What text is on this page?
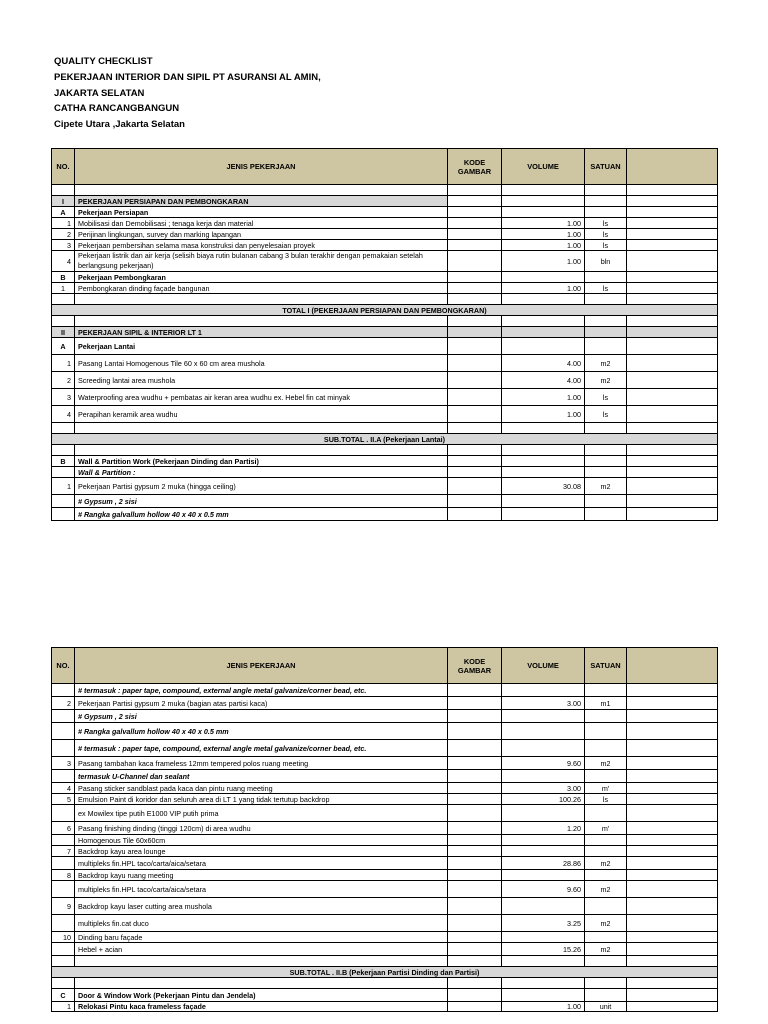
QUALITY CHECKLIST
PEKERJAAN INTERIOR DAN SIPIL PT ASURANSI AL AMIN,
JAKARTA SELATAN
CATHA RANCANGBANGUN
Cipete Utara ,Jakarta Selatan
NO.	JENIS PEKERJAAN	KODE GAMBAR	VOLUME	SATUAN	

I	PEKERJAAN PERSIAPAN DAN PEMBONGKARAN				
A	Pekerjaan Persiapan				
1	Mobilisasi dan Demobilisasi ; tenaga kerja dan material		1.00	ls	
2	Perijinan lingkungan, survey dan marking lapangan		1.00	ls	
3	Pekerjaan pembersihan selama masa konstruksi dan penyelesaian proyek		1.00	ls	
4	Pekerjaan listrik dan air kerja (selisih biaya rutin bulanan cabang 3 bulan terakhir dengan pemakaian setelah berlangsung pekerjaan)		1.00	bln	
B	Pekerjaan Pembongkaran				
1	Pembongkaran dinding façade bangunan		1.00	ls	

TOTAL I (PEKERJAAN PERSIAPAN DAN PEMBONGKARAN)					

II	PEKERJAAN SIPIL & INTERIOR LT 1				
A	Pekerjaan Lantai				
1	Pasang Lantai Homogenous Tile 60 x 60 cm area mushola		4.00	m2	
2	Screeding lantai area mushola		4.00	m2	
3	Waterproofing area wudhu + pembatas air keran area wudhu ex. Hebel fin cat minyak		1.00	ls	
4	Perapihan keramik area wudhu		1.00	ls	

SUB.TOTAL . II.A (Pekerjaan Lantai)					

B	Wall & Partition Work (Pekerjaan Dinding dan Partisi)				
	Wall & Partition :				
1	Pekerjaan Partisi gypsum 2 muka (hingga ceiling)		30.08	m2	
	# Gypsum , 2 sisi				
	# Rangka galvallum hollow 40 x 40 x 0.5 mm				
NO.	JENIS PEKERJAAN	KODE GAMBAR	VOLUME	SATUAN	
	# termasuk : paper tape, compound, external angle metal galvanize/corner bead, etc.				
2	Pekerjaan Partisi gypsum 2 muka (bagian atas partisi kaca)		3.00	m1	
	# Gypsum , 2 sisi				
	# Rangka galvallum hollow 40 x 40 x 0.5 mm				
	# termasuk : paper tape, compound, external angle metal galvanize/corner bead, etc.				
3	Pasang tambahan kaca frameless 12mm tempered polos ruang meeting		9.60	m2	
	termasuk U-Channel dan sealant				
4	Pasang sticker sandblast pada kaca dan pintu ruang meeting		3.00	m'	
5	Emulsion Paint di koridor dan seluruh area di LT 1 yang tidak tertutup backdrop		100.26	ls	
	ex Mowilex tipe putih E1000 VIP putih prima				
6	Pasang finishing dinding (tinggi 120cm) di area wudhu		1.20	m'	
	Homogenous Tile 60x60cm				
7	Backdrop kayu area lounge				
	multipleks fin.HPL taco/carta/aica/setara		28.86	m2	
8	Backdrop kayu ruang meeting				
	multipleks fin.HPL taco/carta/aica/setara		9.60	m2	
9	Backdrop kayu laser cutting area mushola				
	multipleks fin.cat duco		3.25	m2	
10	Dinding baru façade				
	Hebel + acian		15.26	m2	

SUB.TOTAL . II.B (Pekerjaan Partisi Dinding dan Partisi)					

C	Door & Window Work (Pekerjaan Pintu dan Jendela)				
1	Relokasi Pintu kaca frameless façade		1.00	unit	
